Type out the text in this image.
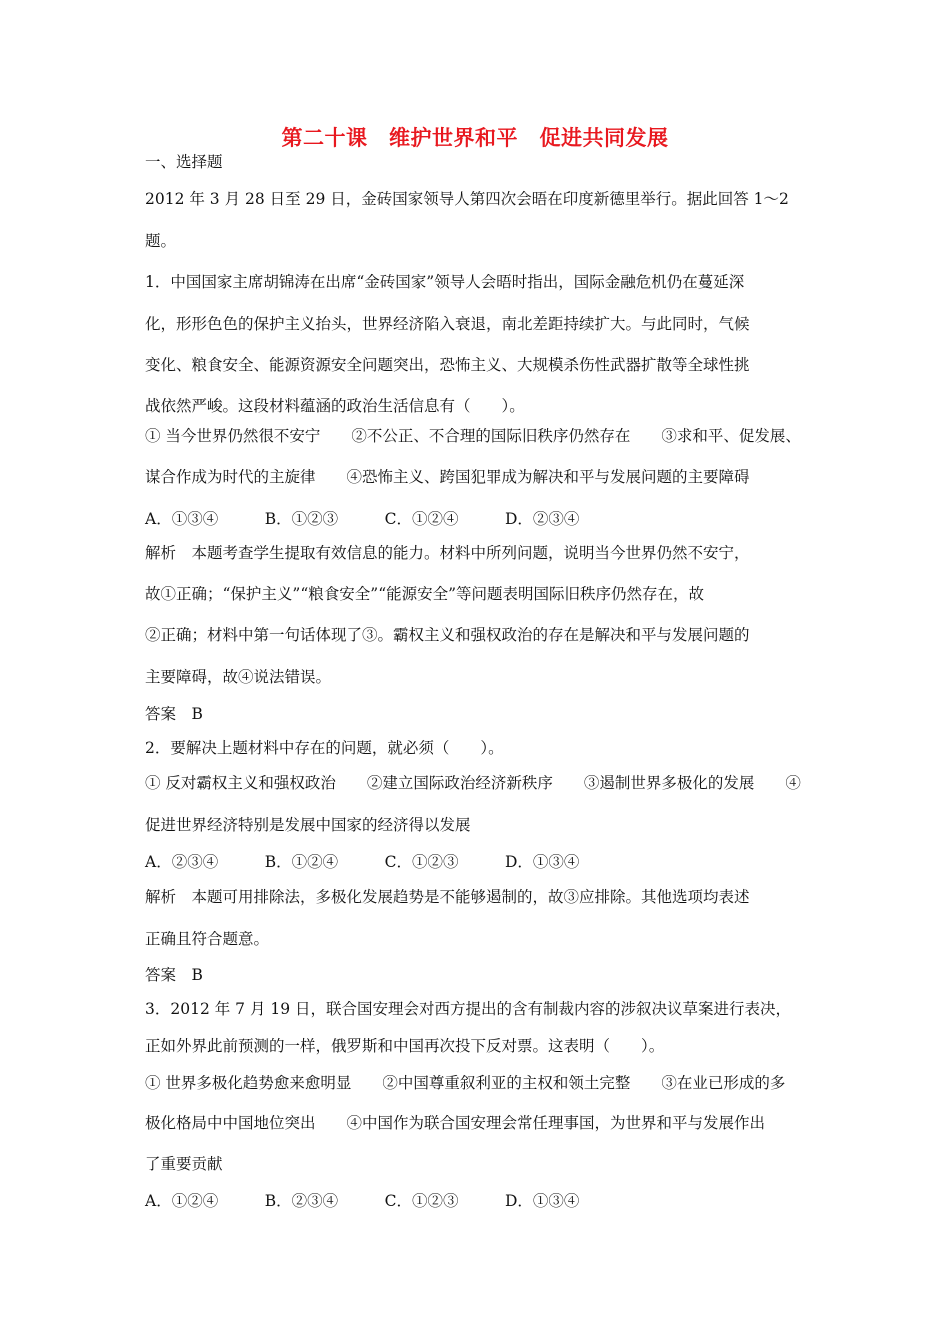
第二十课　维护世界和平　促进共同发展
一、选择题
2012 年 3 月 28 日至 29 日，金砖国家领导人第四次会晤在印度新德里举行。据此回答 1～2
题。
1．中国国家主席胡锦涛在出席“金砖国家”领导人会晤时指出，国际金融危机仍在蔓延深
化，形形色色的保护主义抬头，世界经济陷入衰退，南北差距持续扩大。与此同时，气候
变化、粮食安全、能源资源安全问题突出，恐怖主义、大规模杀伤性武器扩散等全球性挑
战依然严峻。这段材料蕴涵的政治生活信息有（　　）。
① 当今世界仍然很不安宁　　②不公正、不合理的国际旧秩序仍然存在　　③求和平、促发展、
谋合作成为时代的主旋律　　④恐怖主义、跨国犯罪成为解决和平与发展问题的主要障碍
A．①③④　　　B．①②③　　　C．①②④　　　D．②③④
解析　本题考查学生提取有效信息的能力。材料中所列问题，说明当今世界仍然不安宁，
故①正确；“保护主义”“粮食安全”“能源安全”等问题表明国际旧秩序仍然存在，故
②正确；材料中第一句话体现了③。霸权主义和强权政治的存在是解决和平与发展问题的
主要障碍，故④说法错误。
答案　B
2．要解决上题材料中存在的问题，就必须（　　）。
① 反对霸权主义和强权政治　　②建立国际政治经济新秩序　　③遏制世界多极化的发展　　④
促进世界经济特别是发展中国家的经济得以发展
A．②③④　　　B．①②④　　　C．①②③　　　D．①③④
解析　本题可用排除法，多极化发展趋势是不能够遏制的，故③应排除。其他选项均表述
正确且符合题意。
答案　B
3．2012 年 7 月 19 日，联合国安理会对西方提出的含有制裁内容的涉叙决议草案进行表决，
正如外界此前预测的一样，俄罗斯和中国再次投下反对票。这表明（　　）。
① 世界多极化趋势愈来愈明显　　②中国尊重叙利亚的主权和领土完整　　③在业已形成的多
极化格局中中国地位突出　　④中国作为联合国安理会常任理事国，为世界和平与发展作出
了重要贡献
A．①②④　　　B．②③④　　　C．①②③　　　D．①③④
